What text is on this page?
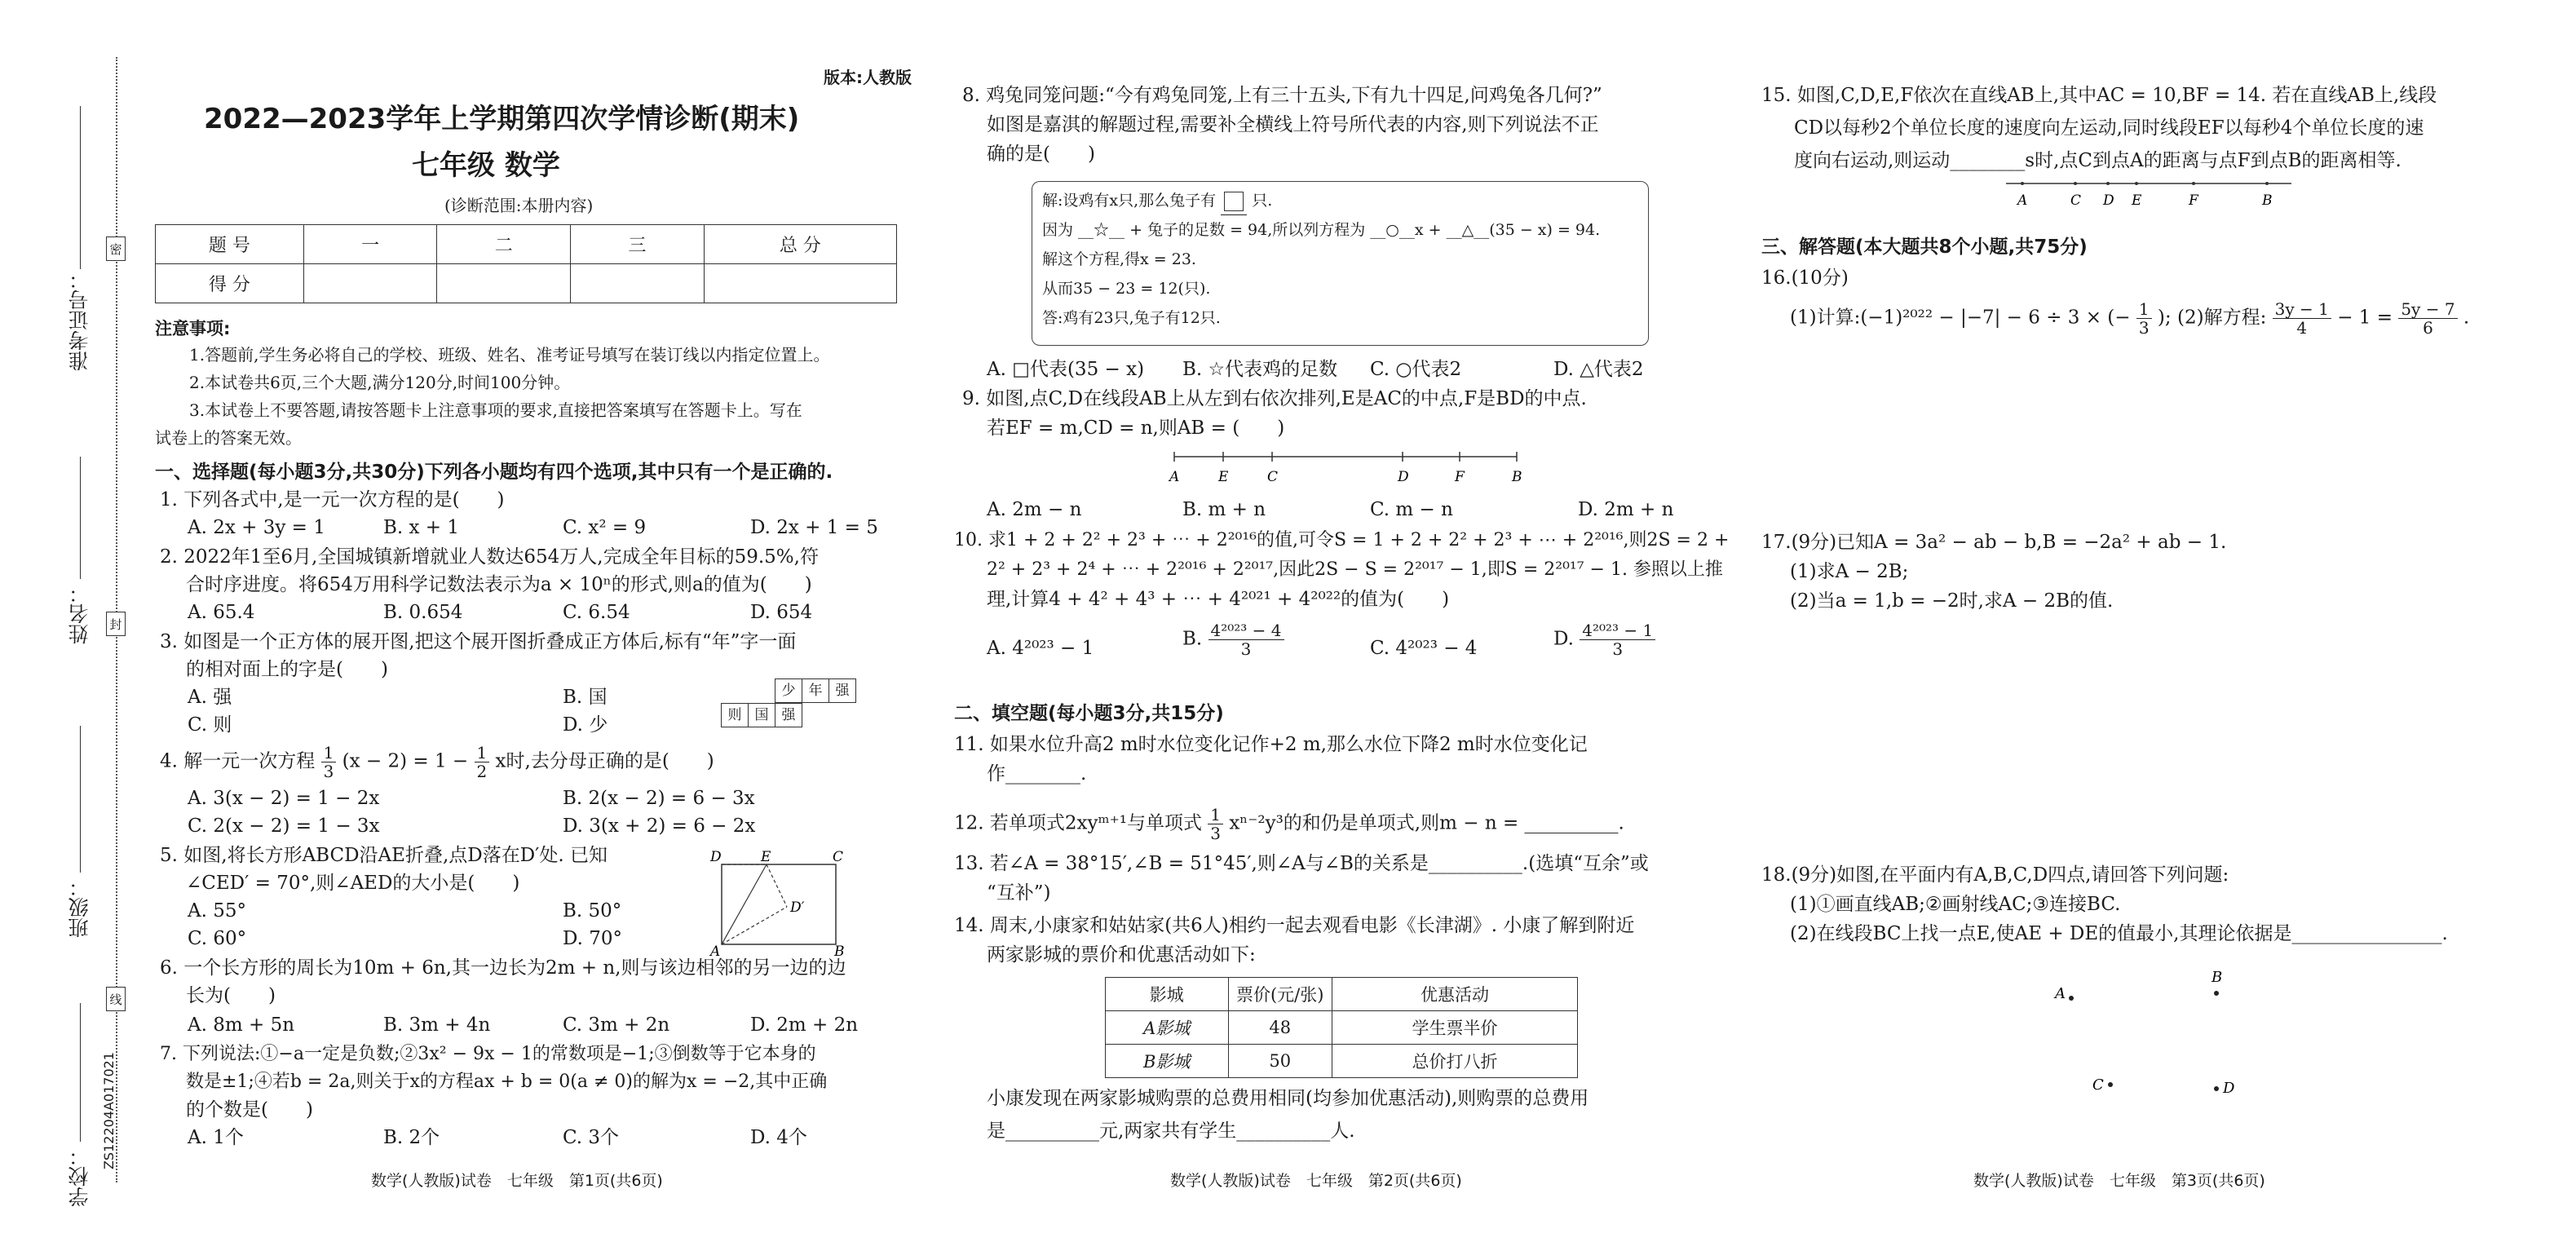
密
封
线
准考证号：
姓名：
班级：
学校：
ZS12204A017021
版本:人教版
2022—2023学年上学期第四次学情诊断(期末)
七年级 数学
(诊断范围:本册内容)
题 号	一	二	三	总 分
得 分				
注意事项:
1.答题前,学生务必将自己的学校、班级、姓名、准考证号填写在装订线以内指定位置上。
2.本试卷共6页,三个大题,满分120分,时间100分钟。
3.本试卷上不要答题,请按答题卡上注意事项的要求,直接把答案填写在答题卡上。写在
试卷上的答案无效。
一、选择题(每小题3分,共30分)下列各小题均有四个选项,其中只有一个是正确的.
1. 下列各式中,是一元一次方程的是(　　)
A. 2x + 3y = 1	B. x + 1	C. x² = 9	D. 2x + 1 = 5
2. 2022年1至6月,全国城镇新增就业人数达654万人,完成全年目标的59.5%,符
合时序进度。将654万用科学记数法表示为a × 10ⁿ的形式,则a的值为(　　)
A. 65.4	B. 0.654	C. 6.54	D. 654
3. 如图是一个正方体的展开图,把这个展开图折叠成正方体后,标有“年”字一面
的相对面上的字是(　　)
A. 强	B. 国
C. 则	D. 少
少 年 强
则 国 强
4. 解一元一次方程 $\frac{1}{3} (x - 2) = 1 - \frac{1}{2}$ x时,去分母正确的是(　　)
A. 3(x − 2) = 1 − 2x	B. 2(x − 2) = 6 − 3x
C. 2(x − 2) = 1 − 3x	D. 3(x + 2) = 6 − 2x
5. 如图,将长方形ABCD沿AE折叠,点D落在D′处. 已知
∠CED′ = 70°,则∠AED的大小是(　　)
A. 55°	B. 50°
C. 60°	D. 70°
D	E	C
D′
A	B
6. 一个长方形的周长为10m + 6n,其一边长为2m + n,则与该边相邻的另一边的边
长为(　　)
A. 8m + 5n	B. 3m + 4n	C. 3m + 2n	D. 2m + 2n
7. 下列说法:①−a一定是负数;②3x² − 9x − 1的常数项是−1;③倒数等于它本身的
数是±1;④若b = 2a,则关于x的方程ax + b = 0(a ≠ 0)的解为x = −2,其中正确
的个数是(　　)
A. 1个	B. 2个	C. 3个	D. 4个
数学(人教版)试卷　七年级　第1页(共6页)
8. 鸡兔同笼问题:“今有鸡兔同笼,上有三十五头,下有九十四足,问鸡兔各几何?”
如图是嘉淇的解题过程,需要补全横线上符号所代表的内容,则下列说法不正
确的是(　　)
解:设鸡有x只,那么兔子有 只.
因为 __☆__ + 兔子的足数 = 94,所以列方程为 __○__x + __△__(35 − x) = 94.
解这个方程,得x = 23.
从而35 − 23 = 12(只).
答:鸡有23只,兔子有12只.
A. □代表(35 − x) B. ☆代表鸡的足数 C. ○代表2	D. △代表2
9. 如图,点C,D在线段AB上从左到右依次排列,E是AC的中点,F是BD的中点.
若EF = m,CD = n,则AB = (　　)
A	E	C	D	F	B
A. 2m − n	B. m + n	C. m − n	D. 2m + n
10. 求1 + 2 + 2² + 2³ + ⋯ + 2²⁰¹⁶的值,可令S = 1 + 2 + 2² + 2³ + ⋯ + 2²⁰¹⁶,则2S = 2 +
2² + 2³ + 2⁴ + ⋯ + 2²⁰¹⁶ + 2²⁰¹⁷,因此2S − S = 2²⁰¹⁷ − 1,即S = 2²⁰¹⁷ − 1. 参照以上推
理,计算4 + 4² + 4³ + ⋯ + 4²⁰²¹ + 4²⁰²²的值为(　　)
A. 4²⁰²³ − 1	B. $\frac{\text{4²⁰²³ − 4}}{3}$	C. 4²⁰²³ − 4	D. $\frac{\text{4²⁰²³ − 1}}{3}$
二、填空题(每小题3分,共15分)
11. 如果水位升高2 m时水位变化记作+2 m,那么水位下降2 m时水位变化记
作________.
12. 若单项式2xyᵐ⁺¹与单项式 $\frac{1}{3} x^{n-2}y^3$的和仍是单项式,则m − n = __________.
13. 若∠A = 38°15′,∠B = 51°45′,则∠A与∠B的关系是__________.(选填“互余”或
“互补”)
14. 周末,小康家和姑姑家(共6人)相约一起去观看电影《长津湖》. 小康了解到附近
两家影城的票价和优惠活动如下:
影城	票价(元/张)	优惠活动
A影城	48	学生票半价
B影城	50	总价打八折
小康发现在两家影城购票的总费用相同(均参加优惠活动),则购票的总费用
是__________元,两家共有学生__________人.
数学(人教版)试卷　七年级　第2页(共6页)
15. 如图,C,D,E,F依次在直线AB上,其中AC = 10,BF = 14. 若在直线AB上,线段
CD以每秒2个单位长度的速度向左运动,同时线段EF以每秒4个单位长度的速
度向右运动,则运动________s时,点C到点A的距离与点F到点B的距离相等.
A	C D E	F	B
三、解答题(本大题共8个小题,共75分)
16.(10分)
(1)计算:(−1)²⁰²² − |−7| − 6 ÷ 3 × (− $\frac{1}{3}$ ); (2)解方程: $\frac{3y - 1}{4} - 1 = \frac{5y - 7}{6}$ .
17.(9分)已知A = 3a² − ab − b,B = −2a² + ab − 1.
(1)求A − 2B;
(2)当a = 1,b = −2时,求A − 2B的值.
18.(9分)如图,在平面内有A,B,C,D四点,请回答下列问题:
(1)①画直线AB;②画射线AC;③连接BC.
(2)在线段BC上找一点E,使AE + DE的值最小,其理论依据是________________.
A
B
C	D
数学(人教版)试卷　七年级　第3页(共6页)
